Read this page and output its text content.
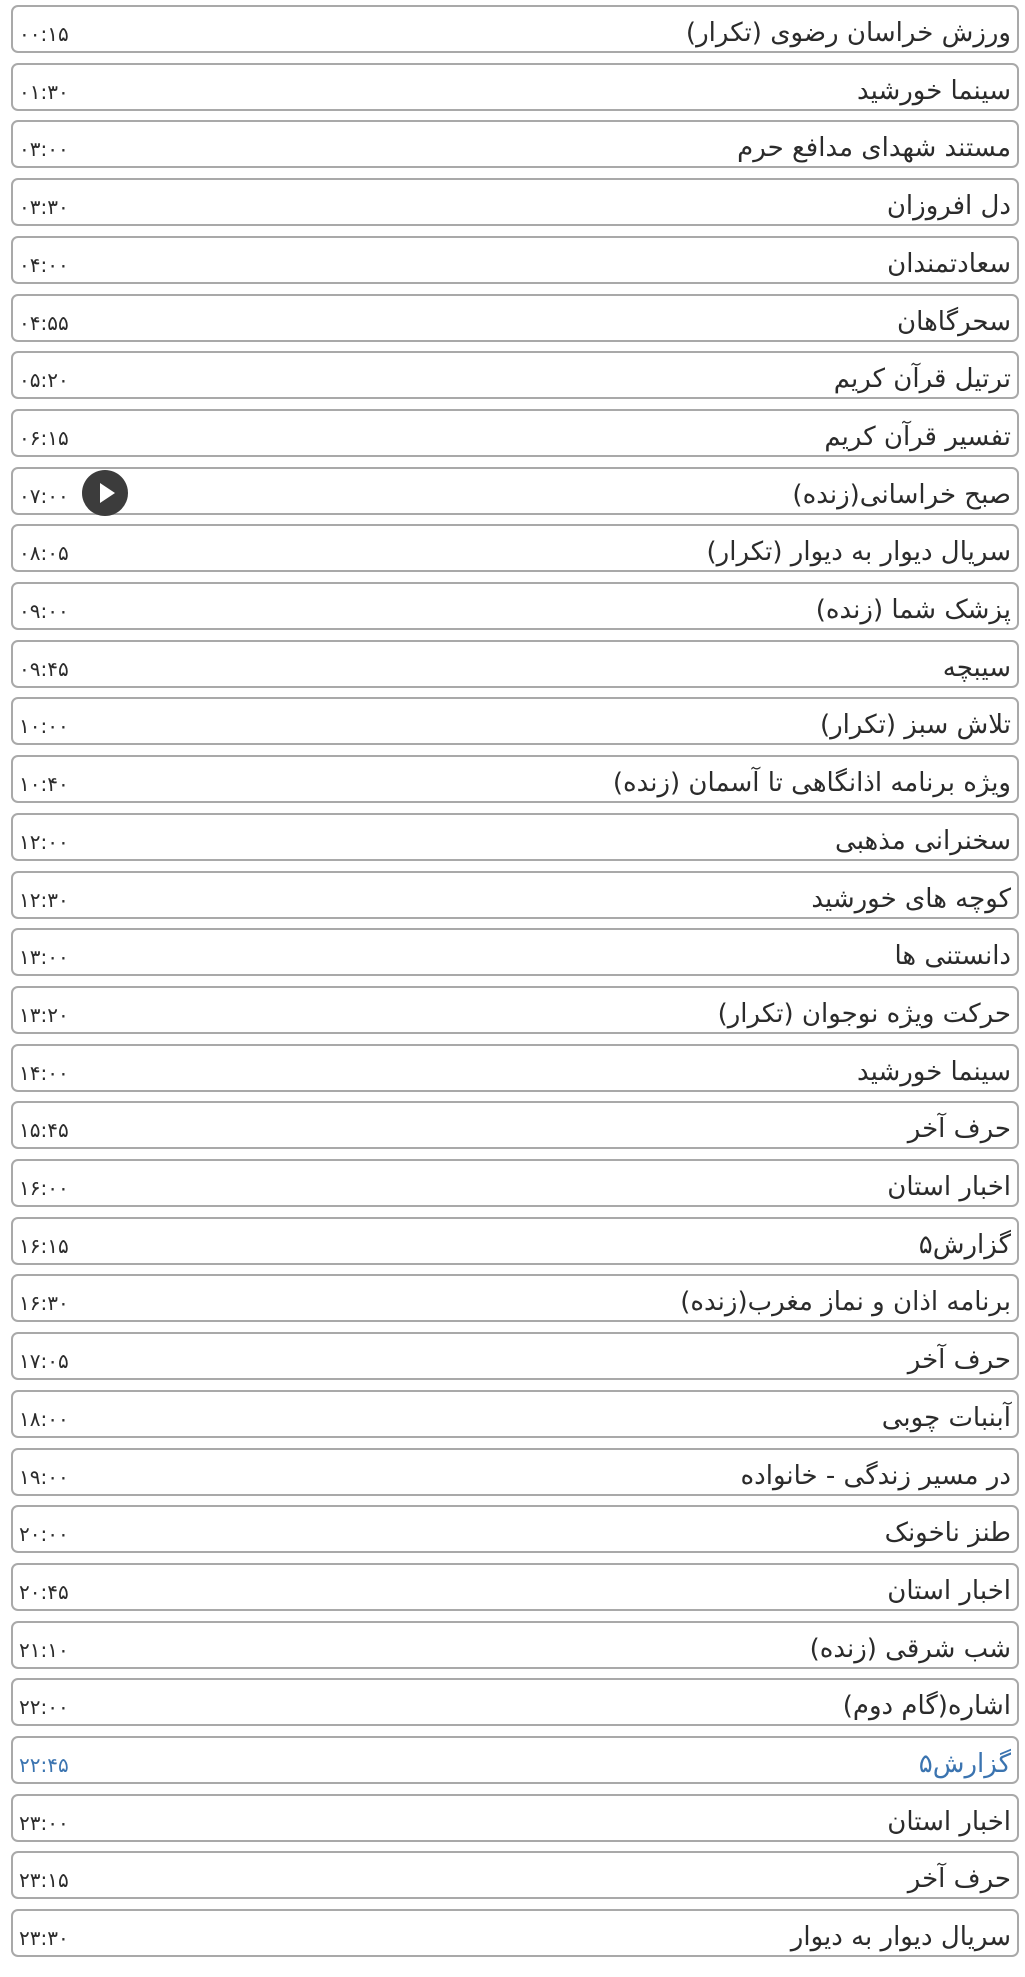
ورزش خراسان رضوی (تکرار)
۰۰:۱۵
سینما خورشید
۰۱:۳۰
مستند شهدای مدافع حرم
۰۳:۰۰
دل افروزان
۰۳:۳۰
سعادتمندان
۰۴:۰۰
سحرگاهان
۰۴:۵۵
ترتیل قرآن کریم
۰۵:۲۰
تفسیر قرآن کریم
۰۶:۱۵
صبح خراسانی(زنده)
۰۷:۰۰
سریال دیوار به دیوار (تکرار)
۰۸:۰۵
پزشک شما (زنده)
۰۹:۰۰
سیبچه
۰۹:۴۵
تلاش سبز (تکرار)
۱۰:۰۰
ویژه برنامه اذانگاهی تا آسمان (زنده)
۱۰:۴۰
سخنرانی مذهبی
۱۲:۰۰
کوچه های خورشید
۱۲:۳۰
دانستنی ها
۱۳:۰۰
حرکت ویژه نوجوان (تکرار)
۱۳:۲۰
سینما خورشید
۱۴:۰۰
حرف آخر
۱۵:۴۵
اخبار استان
۱۶:۰۰
گزارش۵
۱۶:۱۵
برنامه اذان و نماز مغرب(زنده)
۱۶:۳۰
حرف آخر
۱۷:۰۵
آبنبات چوبی
۱۸:۰۰
در مسیر زندگی - خانواده
۱۹:۰۰
طنز ناخونک
۲۰:۰۰
اخبار استان
۲۰:۴۵
شب شرقی (زنده)
۲۱:۱۰
اشاره(گام دوم)
۲۲:۰۰
گزارش۵
۲۲:۴۵
اخبار استان
۲۳:۰۰
حرف آخر
۲۳:۱۵
سریال دیوار به دیوار
۲۳:۳۰
